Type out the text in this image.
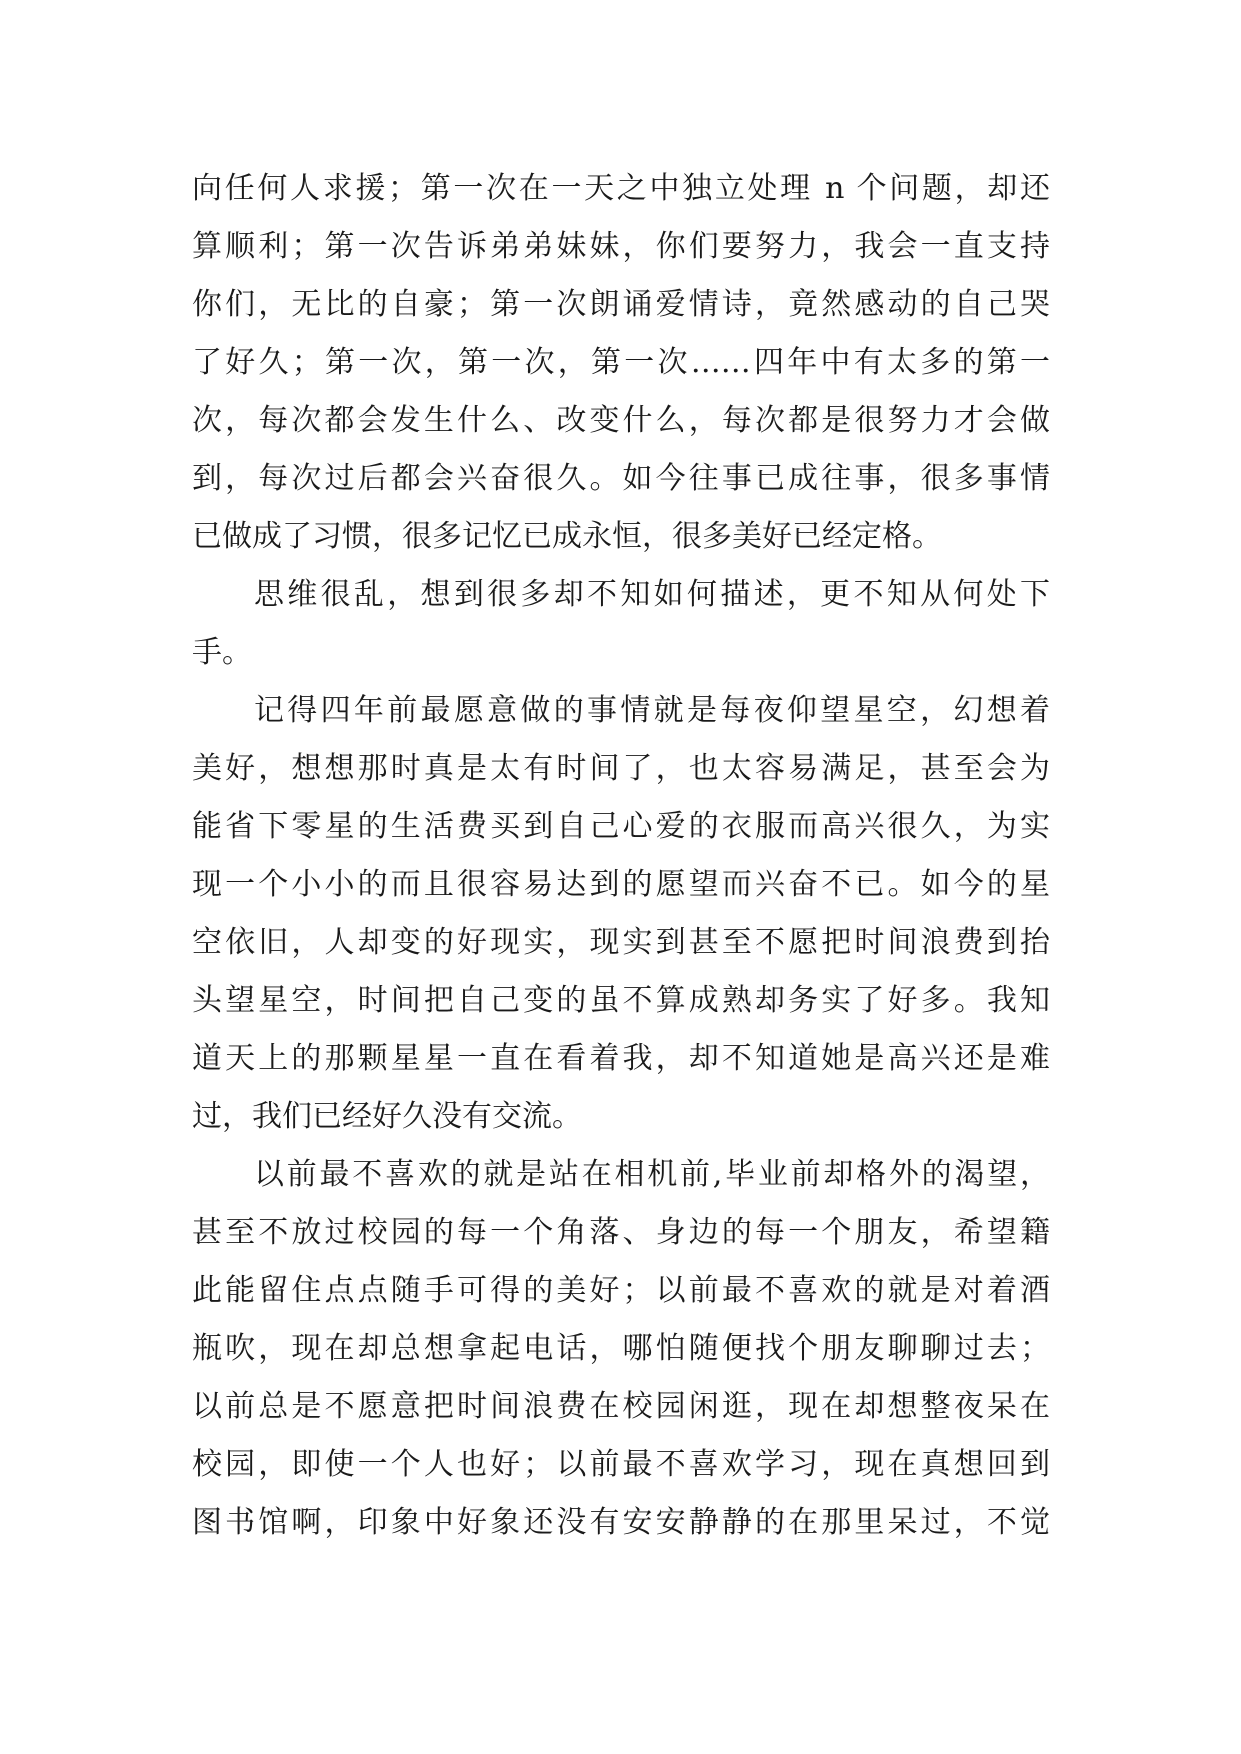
向任何人求援；第一次在一天之中独立处理 n 个问题，却还
算顺利；第一次告诉弟弟妹妹，你们要努力，我会一直支持
你们，无比的自豪；第一次朗诵爱情诗，竟然感动的自己哭
了好久；第一次，第一次，第一次……四年中有太多的第一
次，每次都会发生什么、改变什么，每次都是很努力才会做
到，每次过后都会兴奋很久。如今往事已成往事，很多事情
已做成了习惯，很多记忆已成永恒，很多美好已经定格。
思维很乱，想到很多却不知如何描述，更不知从何处下
手。
记得四年前最愿意做的事情就是每夜仰望星空，幻想着
美好，想想那时真是太有时间了，也太容易满足，甚至会为
能省下零星的生活费买到自己心爱的衣服而高兴很久，为实
现一个小小的而且很容易达到的愿望而兴奋不已。如今的星
空依旧，人却变的好现实，现实到甚至不愿把时间浪费到抬
头望星空，时间把自己变的虽不算成熟却务实了好多。我知
道天上的那颗星星一直在看着我，却不知道她是高兴还是难
过，我们已经好久没有交流。
以前最不喜欢的就是站在相机前,毕业前却格外的渴望，
甚至不放过校园的每一个角落、身边的每一个朋友，希望籍
此能留住点点随手可得的美好；以前最不喜欢的就是对着酒
瓶吹，现在却总想拿起电话，哪怕随便找个朋友聊聊过去；
以前总是不愿意把时间浪费在校园闲逛，现在却想整夜呆在
校园，即使一个人也好；以前最不喜欢学习，现在真想回到
图书馆啊，印象中好象还没有安安静静的在那里呆过，不觉
